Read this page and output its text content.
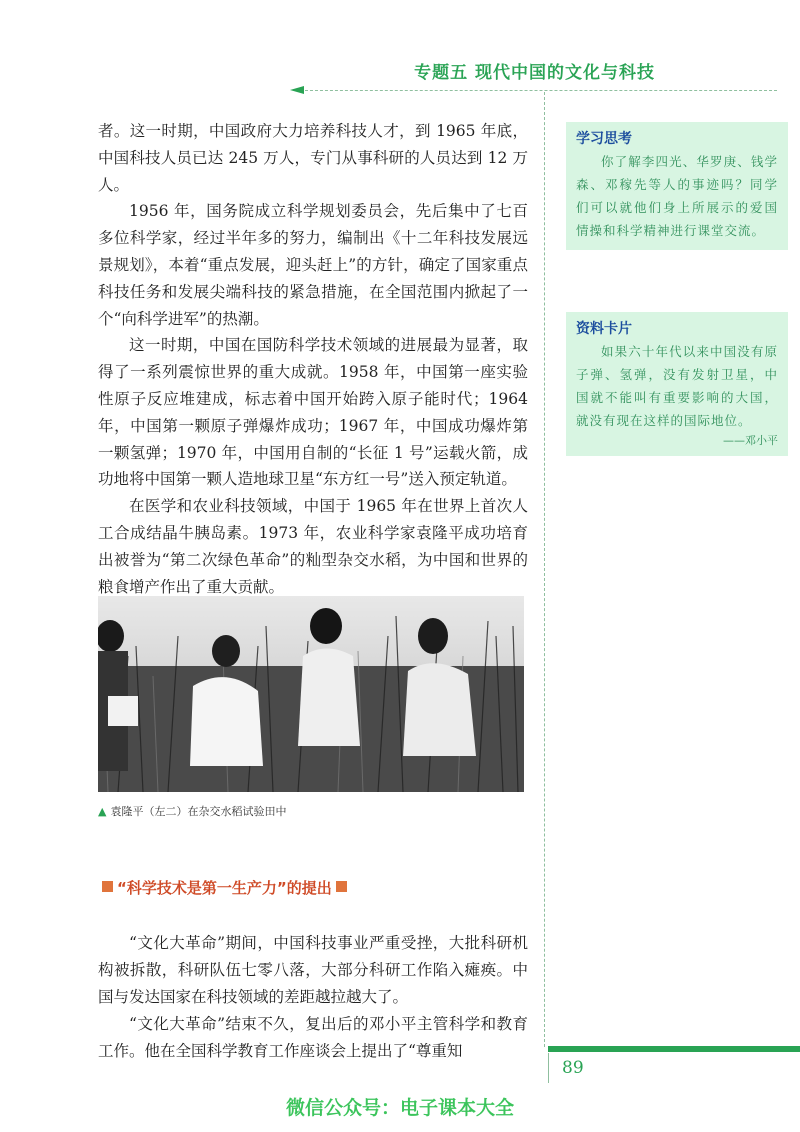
专题五 现代中国的文化与科技

者。这一时期，中国政府大力培养科技人才，到 1965 年底，中国科技人员已达 245 万人，专门从事科研的人员达到 12 万人。

1956 年，国务院成立科学规划委员会，先后集中了七百多位科学家，经过半年多的努力，编制出《十二年科技发展远景规划》，本着“重点发展，迎头赶上”的方针，确定了国家重点科技任务和发展尖端科技的紧急措施，在全国范围内掀起了一个“向科学进军”的热潮。

这一时期，中国在国防科学技术领域的进展最为显著，取得了一系列震惊世界的重大成就。1958 年，中国第一座实验性原子反应堆建成，标志着中国开始跨入原子能时代；1964 年，中国第一颗原子弹爆炸成功；1967 年，中国成功爆炸第一颗氢弹；1970 年，中国用自制的“长征 1 号”运载火箭，成功地将中国第一颗人造地球卫星“东方红一号”送入预定轨道。

在医学和农业科技领域，中国于 1965 年在世界上首次人工合成结晶牛胰岛素。1973 年，农业科学家袁隆平成功培育出被誉为“第二次绿色革命”的籼型杂交水稻，为中国和世界的粮食增产作出了重大贡献。

▲ 袁隆平（左二）在杂交水稻试验田中
“科学技术是第一生产力”的提出

“文化大革命”期间，中国科技事业严重受挫，大批科研机构被拆散，科研队伍七零八落，大部分科研工作陷入瘫痪。中国与发达国家在科技领域的差距越拉越大了。

“文化大革命”结束不久，复出后的邓小平主管科学和教育工作。他在全国科学教育工作座谈会上提出了“尊重知

学习思考
你了解李四光、华罗庚、钱学森、邓稼先等人的事迹吗？同学们可以就他们身上所展示的爱国情操和科学精神进行课堂交流。
资料卡片
如果六十年代以来中国没有原子弹、氢弹，没有发射卫星，中国就不能叫有重要影响的大国，就没有现在这样的国际地位。
——邓小平
89
微信公众号：电子课本大全
